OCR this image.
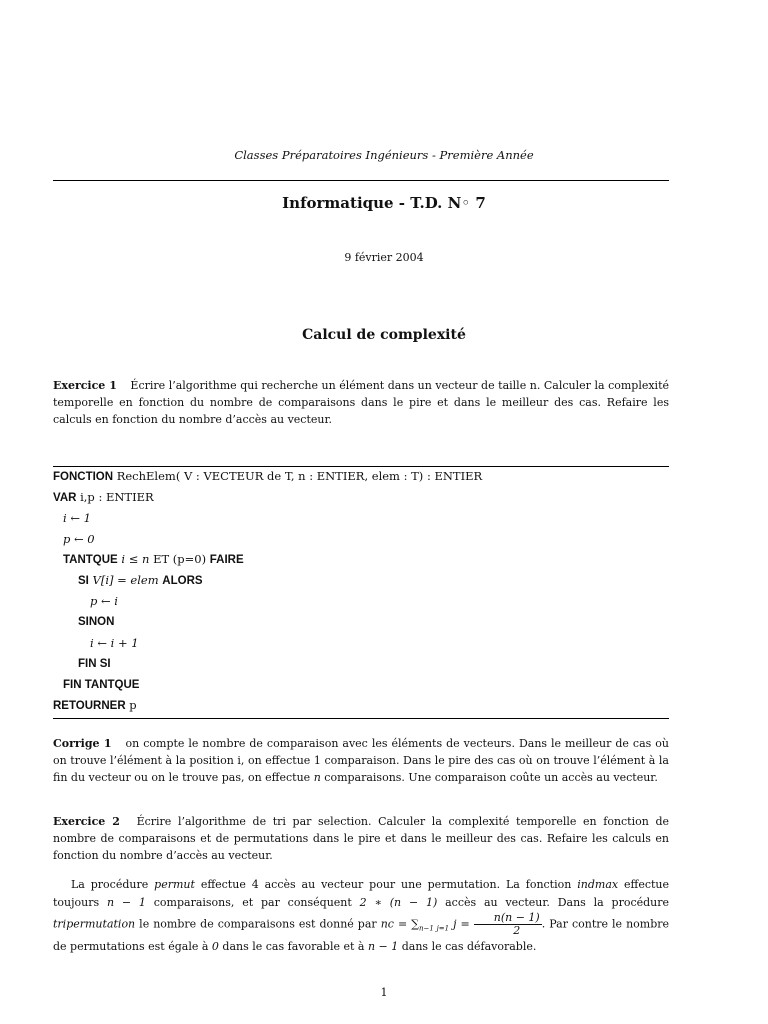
Classes Préparatoires Ingénieurs - Première Année
Informatique - T.D. N◦ 7
9 février 2004
Calcul de complexité
Exercice 1 Écrire l’algorithme qui recherche un élément dans un vecteur de taille n. Calculer la complexité temporelle en fonction du nombre de comparaisons dans le pire et dans le meilleur des cas. Refaire les calculs en fonction du nombre d’accès au vecteur.
FONCTION RechElem( V : VECTEUR de T, n : ENTIER, elem : T) : ENTIER
VAR i,p : ENTIER
i ← 1
p ← 0
TANTQUE i ≤ n ET (p=0) FAIRE
SI V[i] = elem ALORS
p ← i
SINON
i ← i + 1
FIN SI
FIN TANTQUE
RETOURNER p
Corrige 1 on compte le nombre de comparaison avec les éléments de vecteurs. Dans le meilleur de cas où on trouve l’élément à la position i, on effectue 1 comparaison. Dans le pire des cas où on trouve l’élément à la fin du vecteur ou on le trouve pas, on effectue n comparaisons. Une comparaison coûte un accès au vecteur.
Exercice 2 Écrire l’algorithme de tri par selection. Calculer la complexité temporelle en fonction de nombre de comparaisons et de permutations dans le pire et dans le meilleur des cas. Refaire les calculs en fonction du nombre d’accès au vecteur.
La procédure permut effectue 4 accès au vecteur pour une permutation. La fonction indmax effectue toujours n − 1 comparaisons, et par conséquent 2 ∗ (n − 1) accès au vecteur. Dans la procédure tripermutation le nombre de comparaisons est donné par nc = $\sum_{n-1 j=1}$ $j = \frac{n(n - 1)}{2}$ . Par contre le nombre de permutations est égale à 0 dans le cas favorable et à n − 1 dans le cas défavorable.
1
